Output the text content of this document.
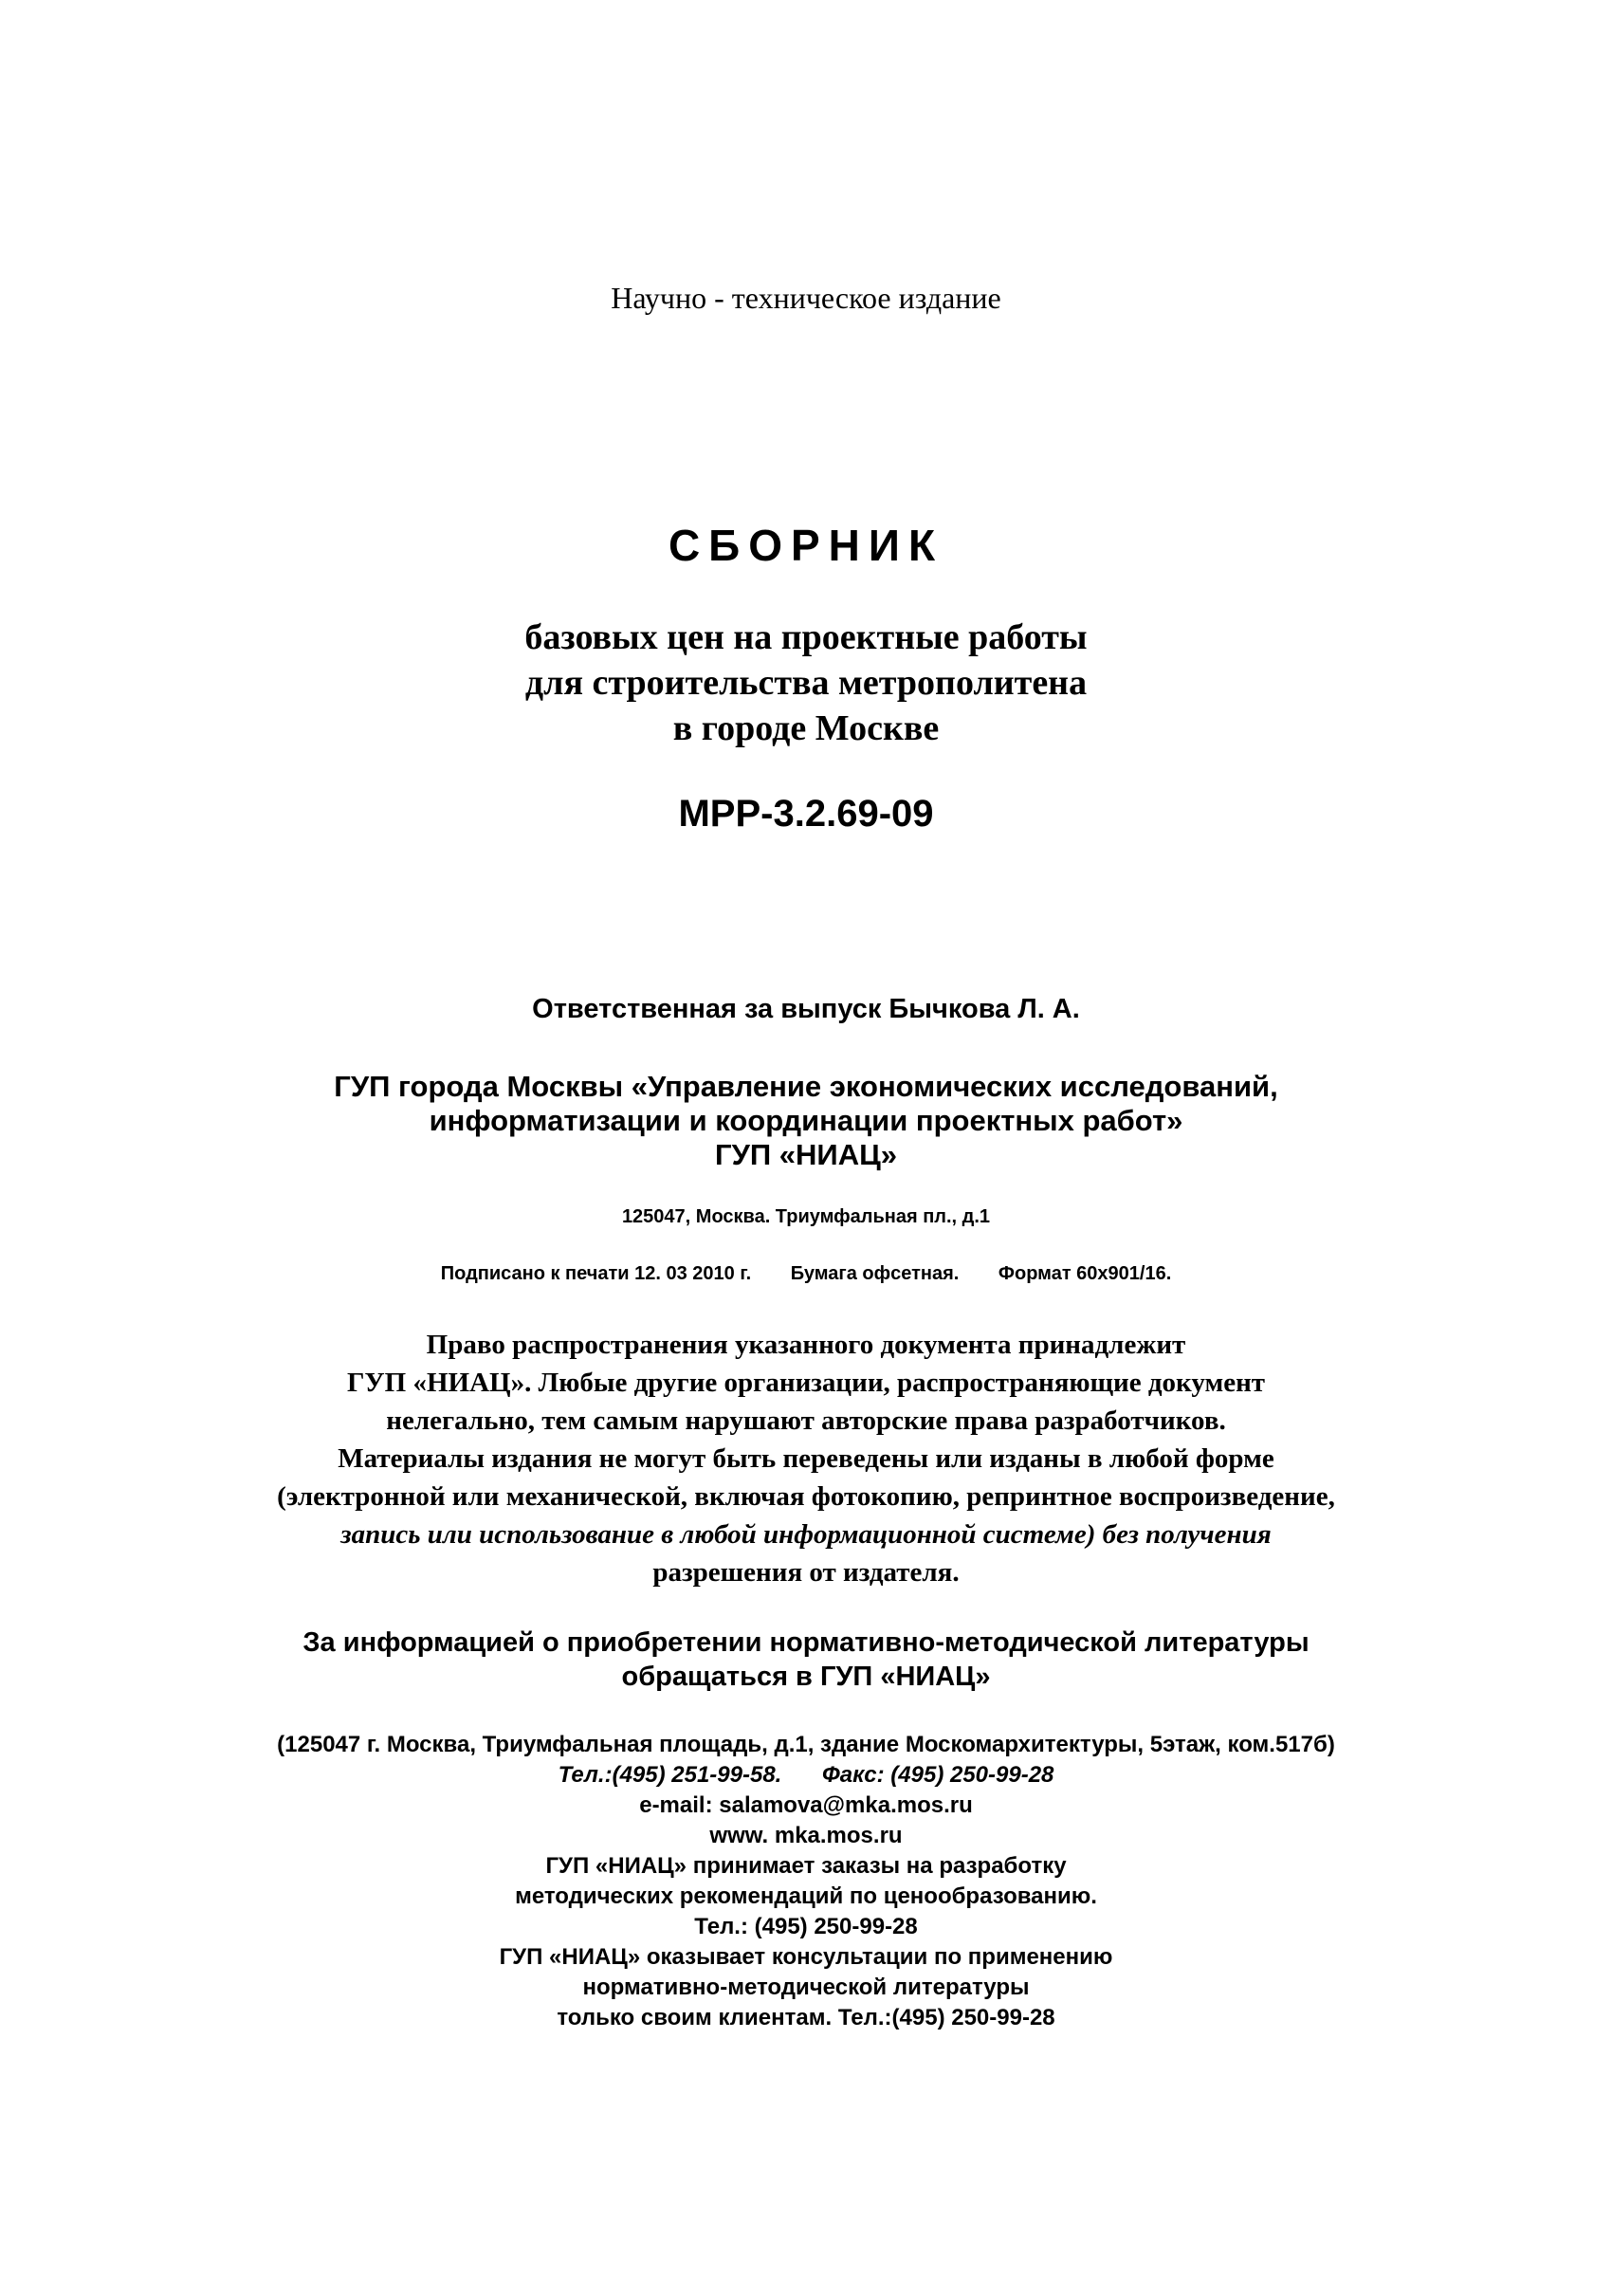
Научно - техническое издание
СБОРНИК
базовых цен на проектные работы
для строительства метрополитена
в городе Москве
МРР-3.2.69-09
Ответственная за выпуск Бычкова Л. А.
ГУП города Москвы «Управление экономических исследований,
информатизации и координации проектных работ»
ГУП «НИАЦ»
125047, Москва. Триумфальная пл., д.1
Подписано к печати 12. 03 2010 г. Бумага офсетная. Формат 60х901/16.
Право распространения указанного документа принадлежит
ГУП «НИАЦ». Любые другие организации, распространяющие документ
нелегально, тем самым нарушают авторские права разработчиков.
Материалы издания не могут быть переведены или изданы в любой форме
(электронной или механической, включая фотокопию, репринтное воспроизведение,
запись или использование в любой информационной системе) без получения
разрешения от издателя.
За информацией о приобретении нормативно-методической литературы
обращаться в ГУП «НИАЦ»
(125047 г. Москва, Триумфальная площадь, д.1, здание Москомархитектуры, 5этаж, ком.517б)
Тел.:(495) 251-99-58. Факс: (495) 250-99-28
e-mail: salamova@mka.mos.ru
www. mka.mos.ru
ГУП «НИАЦ» принимает заказы на разработку
методических рекомендаций по ценообразованию.
Тел.: (495) 250-99-28
ГУП «НИАЦ» оказывает консультации по применению
нормативно-методической литературы
только своим клиентам. Тел.:(495) 250-99-28
